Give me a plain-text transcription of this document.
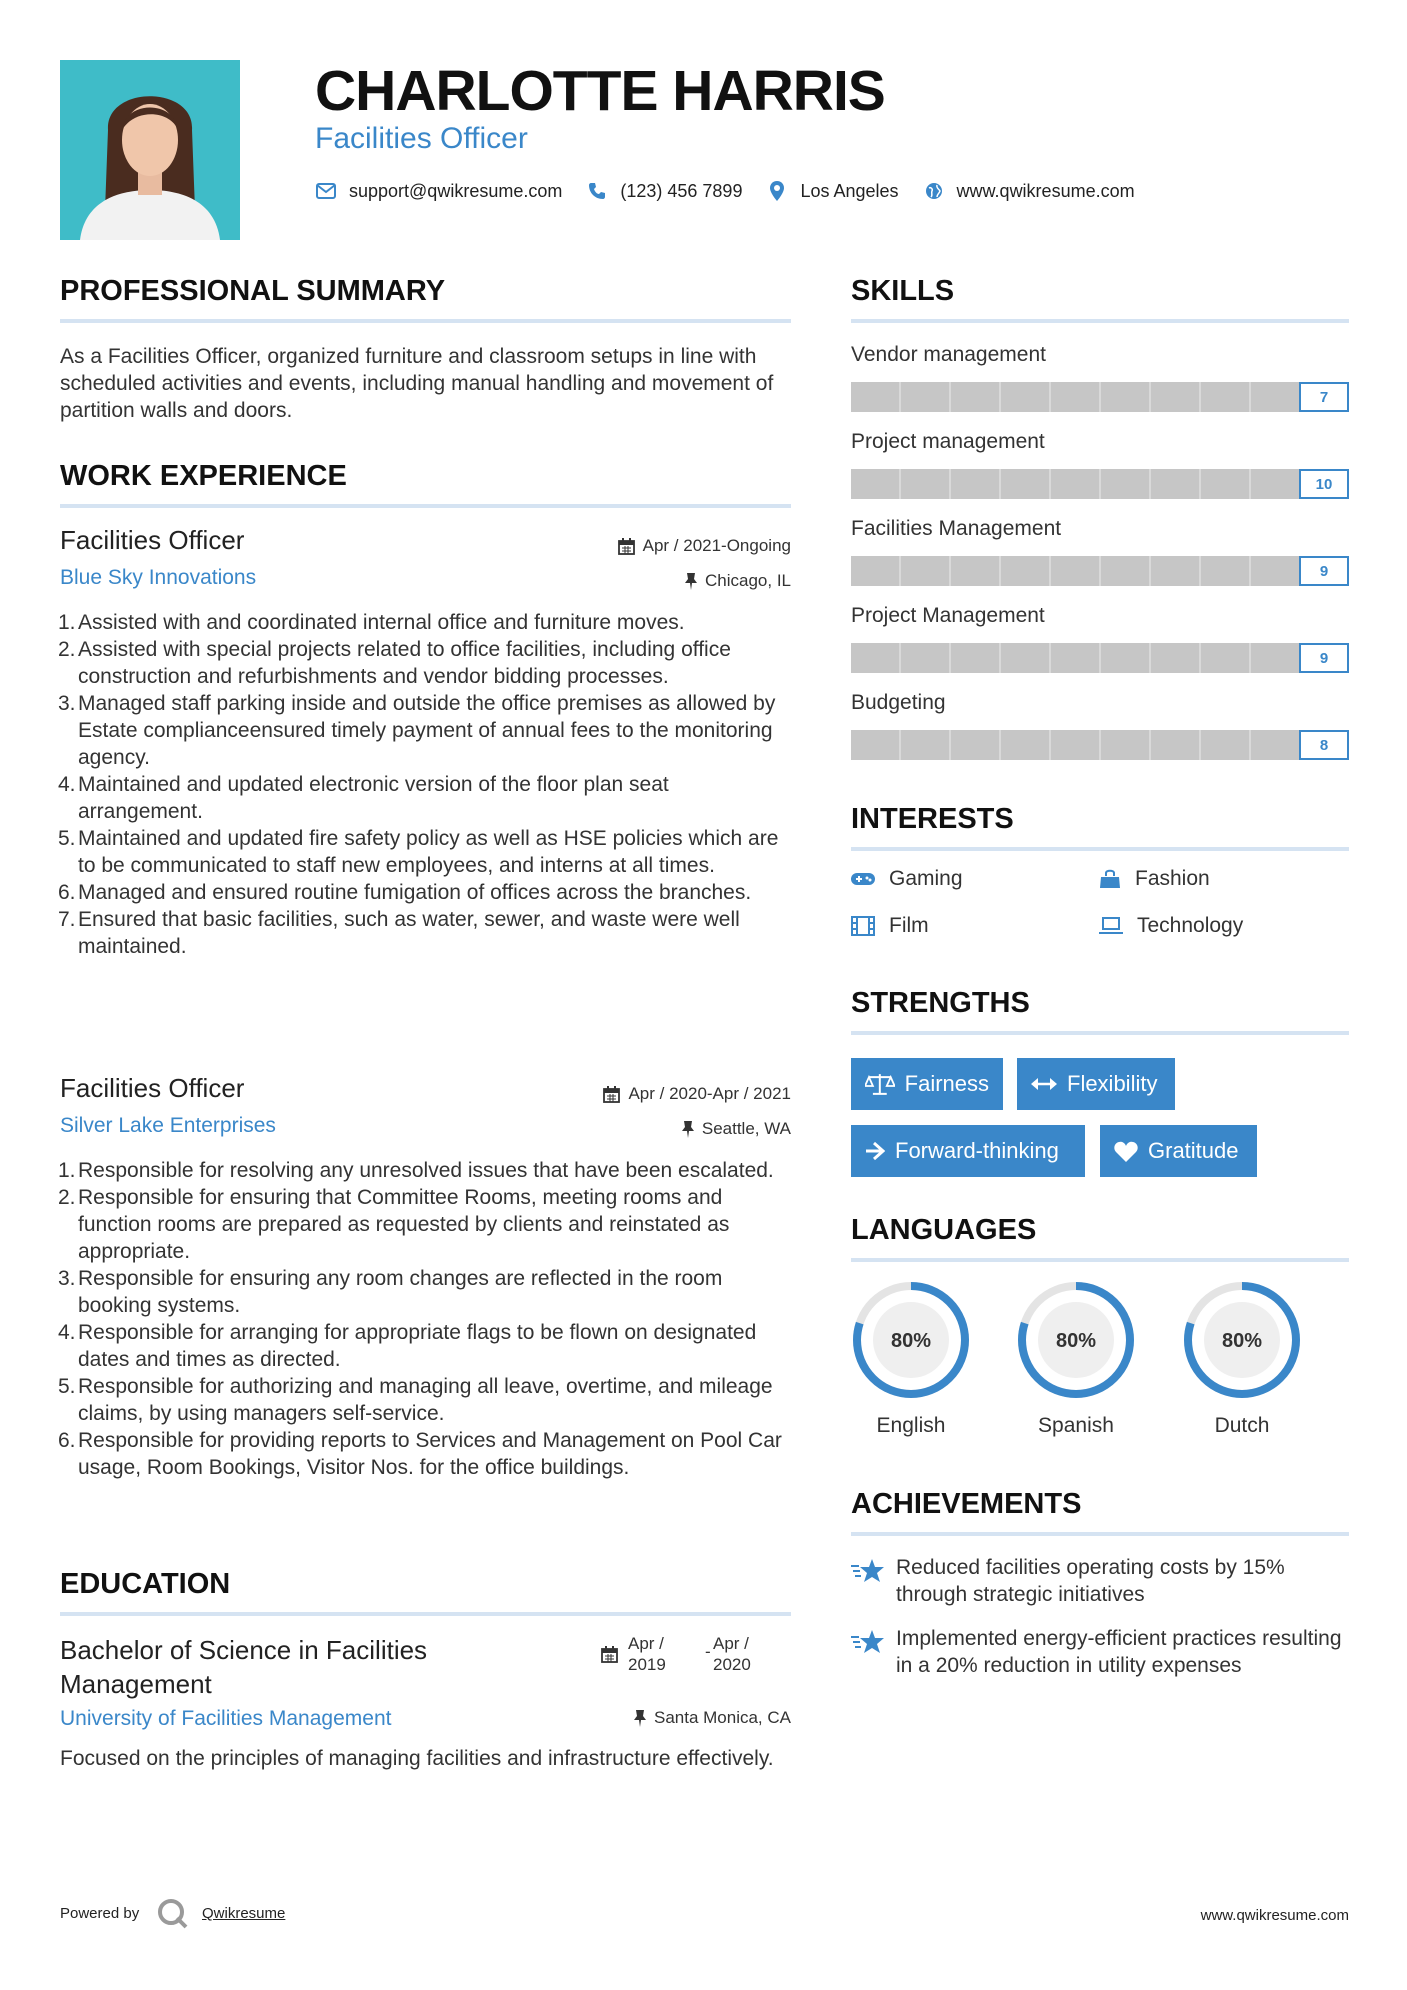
CHARLOTTE HARRIS
Facilities Officer
support@qwikresume.com	(123) 456 7899	Los Angeles	www.qwikresume.com
PROFESSIONAL SUMMARY
As a Facilities Officer, organized furniture and classroom setups in line with scheduled activities and events, including manual handling and movement of partition walls and doors.
WORK EXPERIENCE
Facilities Officer	Apr / 2021-Ongoing
Blue Sky Innovations	Chicago, IL
1. Assisted with and coordinated internal office and furniture moves.
2. Assisted with special projects related to office facilities, including office construction and refurbishments and vendor bidding processes.
3. Managed staff parking inside and outside the office premises as allowed by Estate complianceensured timely payment of annual fees to the monitoring agency.
4. Maintained and updated electronic version of the floor plan seat arrangement.
5. Maintained and updated fire safety policy as well as HSE policies which are to be communicated to staff new employees, and interns at all times.
6. Managed and ensured routine fumigation of offices across the branches.
7. Ensured that basic facilities, such as water, sewer, and waste were well maintained.
Facilities Officer	Apr / 2020-Apr / 2021
Silver Lake Enterprises	Seattle, WA
1. Responsible for resolving any unresolved issues that have been escalated.
2. Responsible for ensuring that Committee Rooms, meeting rooms and function rooms are prepared as requested by clients and reinstated as appropriate.
3. Responsible for ensuring any room changes are reflected in the room booking systems.
4. Responsible for arranging for appropriate flags to be flown on designated dates and times as directed.
5. Responsible for authorizing and managing all leave, overtime, and mileage claims, by using managers self-service.
6. Responsible for providing reports to Services and Management on Pool Car usage, Room Bookings, Visitor Nos. for the office buildings.
EDUCATION
Bachelor of Science in Facilities
Management
Apr /
2019
- Apr /
2020
University of Facilities Management	Santa Monica, CA
Focused on the principles of managing facilities and infrastructure effectively.
SKILLS
Vendor management
7
Project management
10
Facilities Management
9
Project Management
9
Budgeting
8
INTERESTS
Gaming	Fashion
Film	Technology
STRENGTHS
Fairness	Flexibility
Forward-thinking	Gratitude
LANGUAGES
80%
English
80%
Spanish
80%
Dutch
ACHIEVEMENTS
Reduced facilities operating costs by 15% through strategic initiatives
Implemented energy-efficient practices resulting in a 20% reduction in utility expenses
Powered by	Qwikresume	www.qwikresume.com
